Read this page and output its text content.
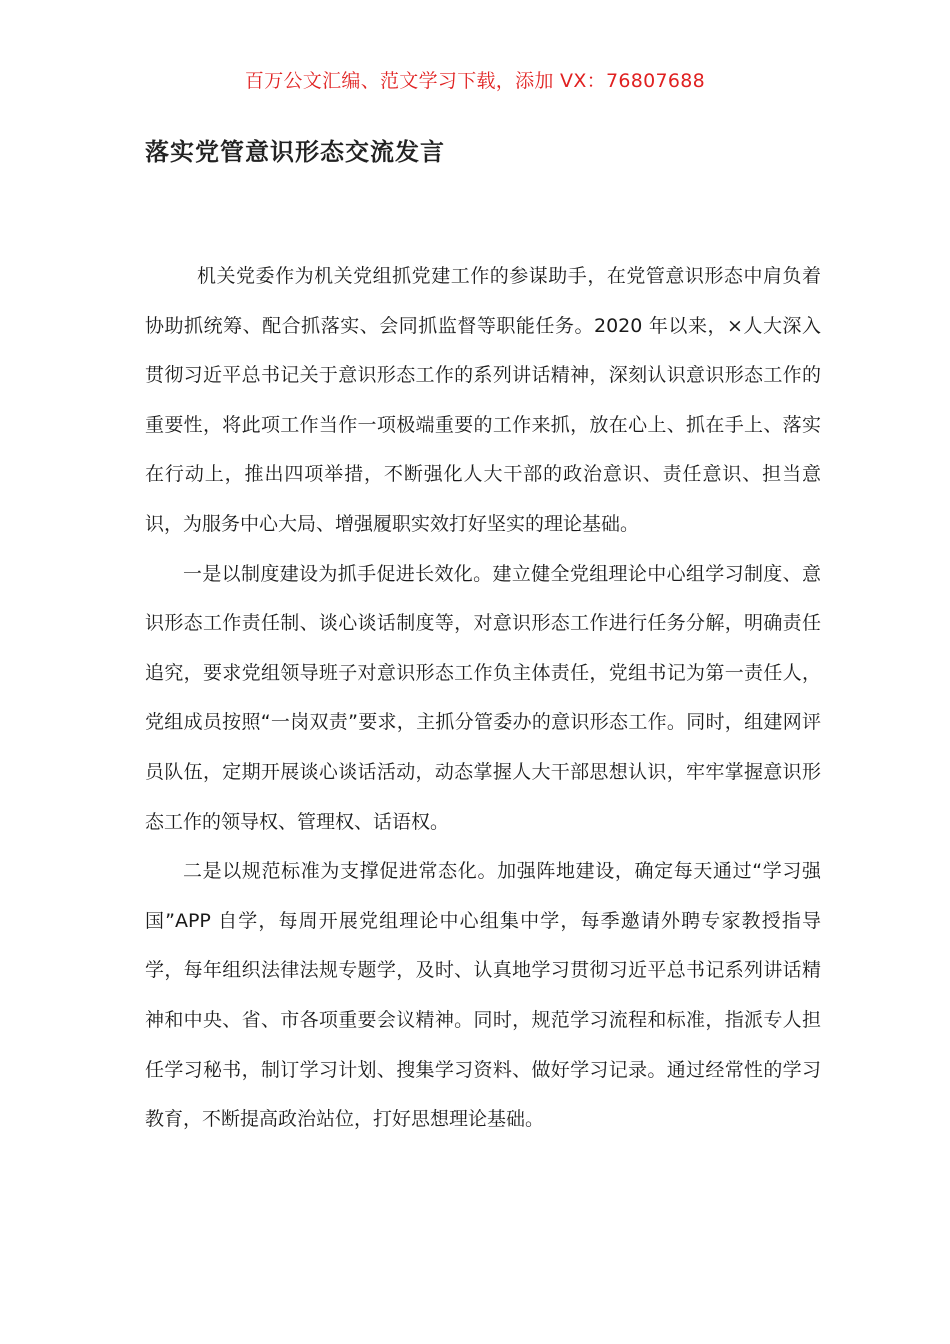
百万公文汇编、范文学习下载，添加 VX：76807688
落实党管意识形态交流发言

机关党委作为机关党组抓党建工作的参谋助手，在党管意识形态中肩负着协助抓统筹、配合抓落实、会同抓监督等职能任务。2020 年以来，×人大深入贯彻习近平总书记关于意识形态工作的系列讲话精神，深刻认识意识形态工作的重要性，将此项工作当作一项极端重要的工作来抓，放在心上、抓在手上、落实在行动上，推出四项举措，不断强化人大干部的政治意识、责任意识、担当意识，为服务中心大局、增强履职实效打好坚实的理论基础。

一是以制度建设为抓手促进长效化。建立健全党组理论中心组学习制度、意识形态工作责任制、谈心谈话制度等，对意识形态工作进行任务分解，明确责任追究，要求党组领导班子对意识形态工作负主体责任，党组书记为第一责任人，党组成员按照“一岗双责”要求，主抓分管委办的意识形态工作。同时，组建网评员队伍，定期开展谈心谈话活动，动态掌握人大干部思想认识，牢牢掌握意识形态工作的领导权、管理权、话语权。

二是以规范标准为支撑促进常态化。加强阵地建设，确定每天通过“学习强国”APP 自学，每周开展党组理论中心组集中学，每季邀请外聘专家教授指导学，每年组织法律法规专题学，及时、认真地学习贯彻习近平总书记系列讲话精神和中央、省、市各项重要会议精神。同时，规范学习流程和标准，指派专人担任学习秘书，制订学习计划、搜集学习资料、做好学习记录。通过经常性的学习教育，不断提高政治站位，打好思想理论基础。
